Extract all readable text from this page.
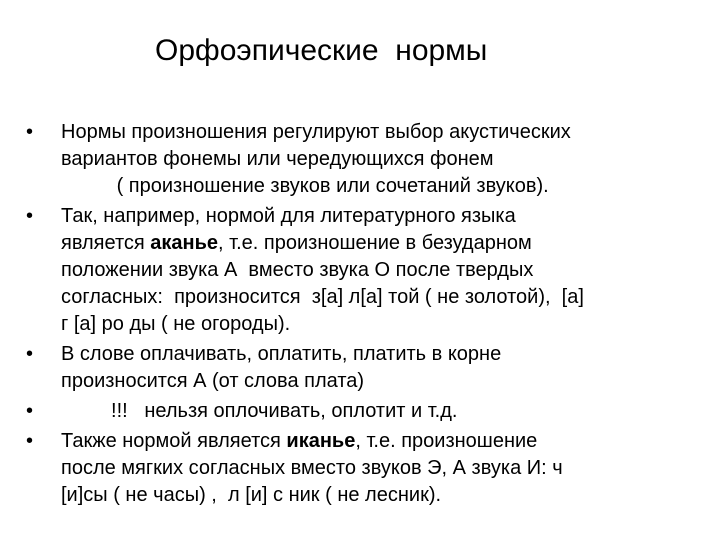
Орфоэпические  нормы
• Нормы произношения регулируют выбор акустических
вариантов фонемы или чередующихся фонем
( произношение звуков или сочетаний звуков).
• Так, например, нормой для литературного языка
является аканье, т.е. произношение в безударном
положении звука А  вместо звука О после твердых
согласных:  произносится  з[а] л[а] той ( не золотой),  [а]
г [а] ро ды ( не огороды).
• В слове оплачивать, оплатить, платить в корне
произносится А (от слова плата)
• !!!   нельзя оплочивать, оплотит и т.д.
• Также нормой является иканье, т.е. произношение
после мягких согласных вместо звуков Э, А звука И: ч
[и]сы ( не часы) ,  л [и] с ник ( не лесник).
